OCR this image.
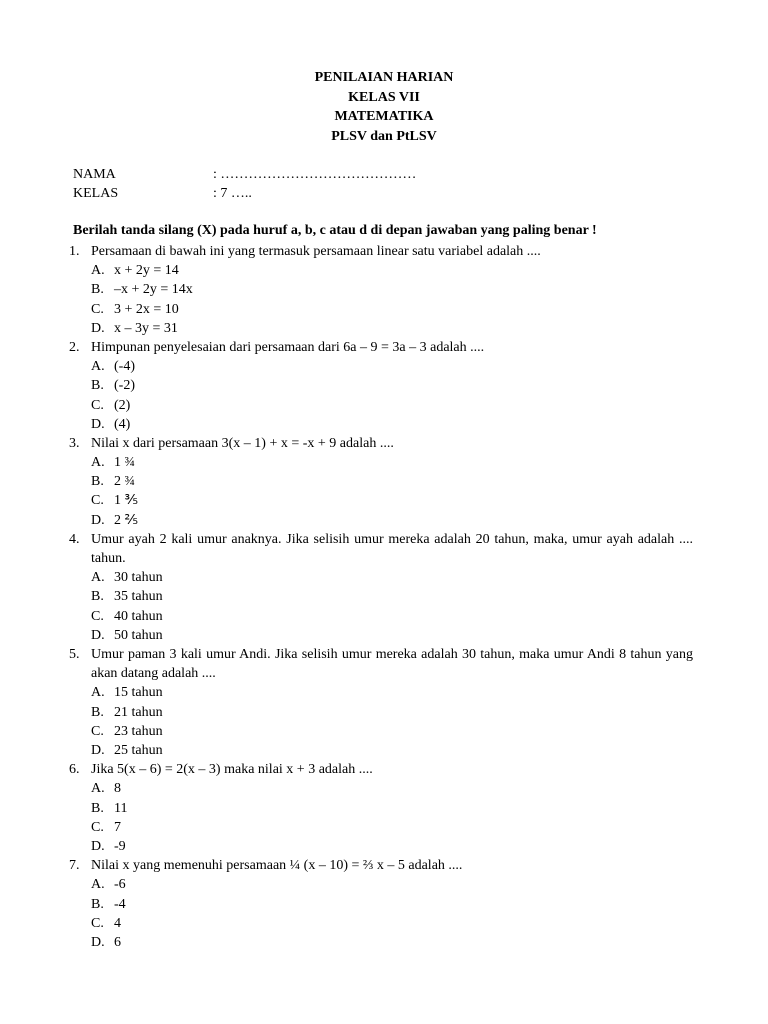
PENILAIAN HARIAN
KELAS VII
MATEMATIKA
PLSV dan PtLSV
NAMA	: ……………………………………
KELAS	: 7 …..
Berilah tanda silang (X) pada huruf a, b, c atau d di depan jawaban yang paling benar !
1. Persamaan di bawah ini yang termasuk persamaan linear satu variabel adalah ....
A. x + 2y = 14
B. –x + 2y = 14x
C. 3 + 2x = 10
D. x – 3y = 31
2. Himpunan penyelesaian dari persamaan dari 6a – 9 = 3a – 3 adalah ....
A. (-4)
B. (-2)
C. (2)
D. (4)
3. Nilai x dari persamaan 3(x – 1) + x = -x + 9 adalah ....
A. 1 ¾
B. 2 ¾
C. 1 ⅗
D. 2 ⅖
4. Umur ayah 2 kali umur anaknya. Jika selisih umur mereka adalah 20 tahun, maka, umur ayah adalah .... tahun.
A. 30 tahun
B. 35 tahun
C. 40 tahun
D. 50 tahun
5. Umur paman 3 kali umur Andi. Jika selisih umur mereka adalah 30 tahun, maka umur Andi 8 tahun yang akan datang adalah ....
A. 15 tahun
B. 21 tahun
C. 23 tahun
D. 25 tahun
6. Jika 5(x – 6) = 2(x – 3) maka nilai x + 3 adalah ....
A. 8
B. 11
C. 7
D. -9
7. Nilai x yang memenuhi persamaan ¼ (x – 10) = ⅔ x – 5 adalah ....
A. -6
B. -4
C. 4
D. 6
